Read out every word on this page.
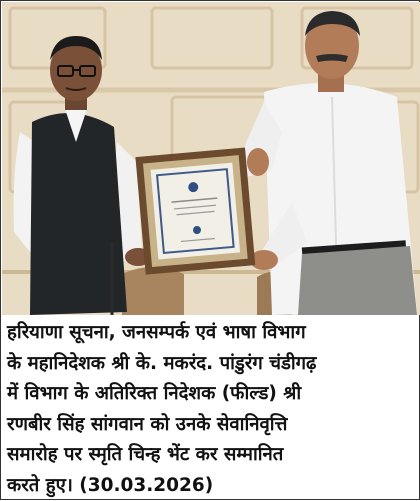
हरियाणा सूचना, जनसम्पर्क एवं भाषा विभाग
के महानिदेशक श्री के. मकरंद. पांडुरंग चंडीगढ़
में विभाग के अतिरिक्त निदेशक (फील्ड) श्री
रणबीर सिंह सांगवान को उनके सेवानिवृत्ति
समारोह पर स्मृति चिन्ह भेंट कर सम्मानित
करते हुए। (30.03.2026)
